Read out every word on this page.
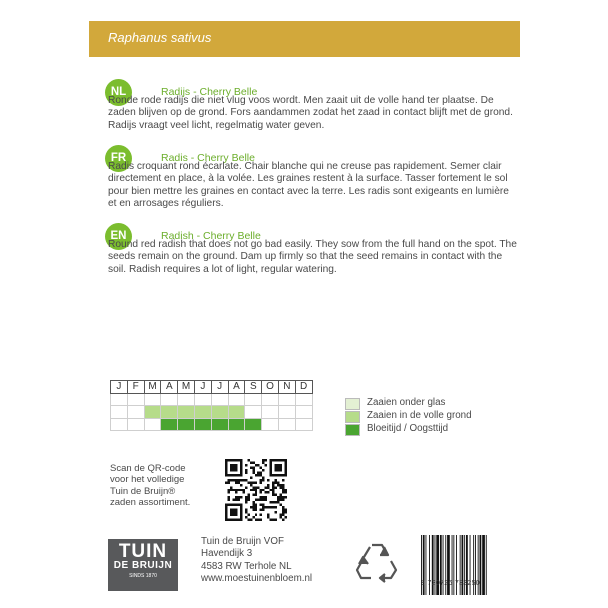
Raphanus sativus
NL	Radijs - Cherry Belle

Ronde rode radijs die niet vlug voos wordt. Men zaait uit de volle hand ter plaatse. De zaden blijven op de grond. Fors aandammen zodat het zaad in contact blijft met de grond. Radijs vraagt veel licht, regelmatig water geven.

FR	Radis - Cherry Belle

Radis croquant rond écarlate. Chair blanche qui ne creuse pas rapidement. Semer clair directement en place, à la volée. Les graines restent à la surface. Tasser fortement le sol pour bien mettre les graines en contact avec la terre. Les radis sont exigeants en lumière et en arrosages réguliers.

EN	Radish - Cherry Belle

Round red radish that does not go bad easily. They sow from the full hand on the spot. The seeds remain on the ground. Dam up firmly so that the seed remains in contact with the soil. Radish requires a lot of light, regular watering.

J	F	M	A	M	J	J	A	S	O	N	D

Zaaien onder glas
Zaaien in de volle grond
Bloeitijd / Oogsttijd

Scan de QR-code
voor het volledige
Tuin de Bruijn®
zaden assortiment.

TUIN
DE BRUIJN
SINDS 1870

Tuin de Bruijn VOF
Havendijk 3
4583 RW Terhole NL
www.moestuinenbloem.nl	8 720726 733250
